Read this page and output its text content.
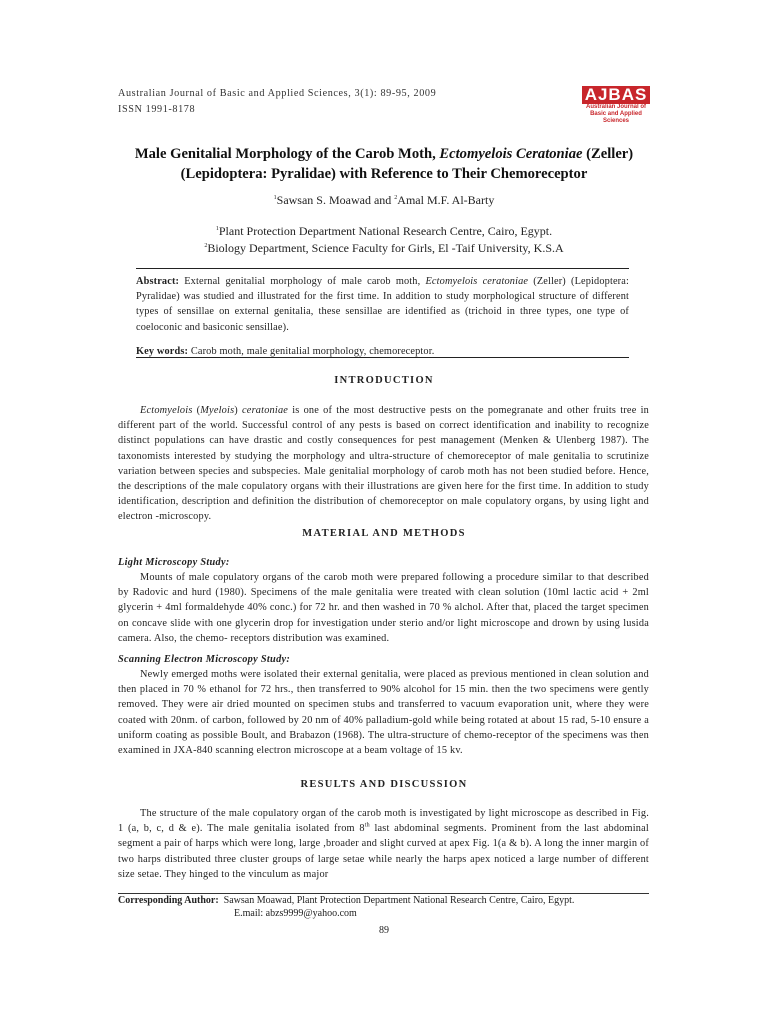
Australian Journal of Basic and Applied Sciences, 3(1): 89-95, 2009
ISSN 1991-8178
AJBAS
Australian Journal of
Basic and Applied Sciences
Male Genitalial Morphology of the Carob Moth, Ectomyelois Ceratoniae (Zeller)
(Lepidoptera: Pyralidae) with Reference to Their Chemoreceptor
$^1$Sawsan S. Moawad and $^2$Amal M.F. Al-Barty
$^1$Plant Protection Department National Research Centre, Cairo, Egypt.
$^2$Biology Department, Science Faculty for Girls, El -Taif University, K.S.A
Abstract: External genitalial morphology of male carob moth, Ectomyelois ceratoniae (Zeller) (Lepidoptera: Pyralidae) was studied and illustrated for the first time. In addition to study morphological structure of different types of sensillae on external genitalia, these sensillae are identified as (trichoid in three types, one type of coeloconic and basiconic sensillae).
Key words: Carob moth, male genitalial morphology, chemoreceptor.
INTRODUCTION
Ectomyelois (Myelois) ceratoniae is one of the most destructive pests on the pomegranate and other fruits tree in different part of the world. Successful control of any pests is based on correct identification and inability to recognize distinct populations can have drastic and costly consequences for pest management (Menken & Ulenberg 1987). The taxonomists interested by studying the morphology and ultra-structure of chemoreceptor of male genitalia to scrutinize variation between species and subspecies. Male genitalial morphology of carob moth has not been studied before. Hence, the descriptions of the male copulatory organs with their illustrations are given here for the first time. In addition to study identification, description and definition the distribution of chemoreceptor on male copulatory organs, by using light and electron -microscopy.
MATERIAL AND METHODS
Light Microscopy Study:
Mounts of male copulatory organs of the carob moth were prepared following a procedure similar to that described by Radovic and hurd (1980). Specimens of the male genitalia were treated with clean solution (10ml lactic acid + 2ml glycerin + 4ml formaldehyde 40% conc.) for 72 hr. and then washed in 70 % alchol. After that, placed the target specimen on concave slide with one glycerin drop for investigation under sterio and/or light microscope and drown by using lusida camera. Also, the chemo- receptors distribution was examined.
Scanning Electron Microscopy Study:
Newly emerged moths were isolated their external genitalia, were placed as previous mentioned in clean solution and then placed in 70 % ethanol for 72 hrs., then transferred to 90% alcohol for 15 min. then the two specimens were gently removed. They were air dried mounted on specimen stubs and transferred to vacuum evaporation unit, where they were coated with 20nm. of carbon, followed by 20 nm of 40% palladium-gold while being rotated at about 15 rad, 5-10 ensure a uniform coating as possible Boult, and Brabazon (1968). The ultra-structure of chemo-receptor of the specimens was then examined in JXA-840 scanning electron microscope at a beam voltage of 15 kv.
RESULTS AND DISCUSSION
The structure of the male copulatory organ of the carob moth is investigated by light microscope as described in Fig. 1 (a, b, c, d & e). The male genitalia isolated from 8th last abdominal segments. Prominent from the last abdominal segment a pair of harps which were long, large ,broader and slight curved at apex Fig. 1(a & b). A long the inner margin of two harps distributed three cluster groups of large setae while nearly the harps apex noticed a large number of different size setae. They hinged to the vinculum as major
Corresponding Author: Sawsan Moawad, Plant Protection Department National Research Centre, Cairo, Egypt.
E.mail: abzs9999@yahoo.com
89
